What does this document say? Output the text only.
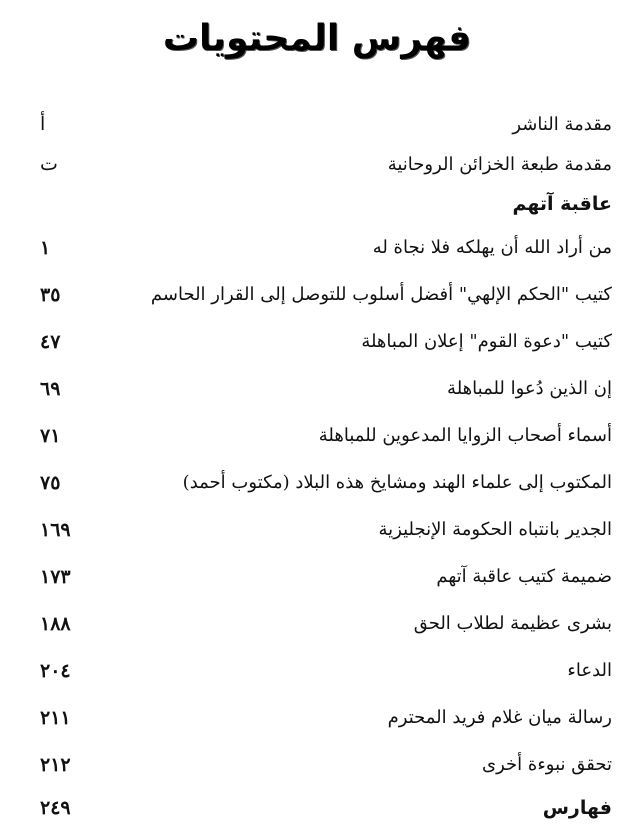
فهرس المحتويات
مقدمة الناشر
أ
مقدمة طبعة الخزائن الروحانية
ت
عاقبة آتهم
من أراد الله أن يهلكه فلا نجاة له
١
كتيب "الحكم الإلهي" أفضل أسلوب للتوصل إلى القرار الحاسم
٣٥
كتيب "دعوة القوم" إعلان المباهلة
٤٧
إن الذين دُعوا للمباهلة
٦٩
أسماء أصحاب الزوايا المدعوين للمباهلة
٧١
المكتوب إلى علماء الهند ومشايخ هذه البلاد (مكتوب أحمد)
٧٥
الجدير بانتباه الحكومة الإنجليزية
١٦٩
ضميمة كتيب عاقبة آتهم
١٧٣
بشرى عظيمة لطلاب الحق
١٨٨
الدعاء
٢٠٤
رسالة ميان غلام فريد المحترم
٢١١
تحقق نبوءة أخرى
٢١٢
فهارس
٢٤٩
